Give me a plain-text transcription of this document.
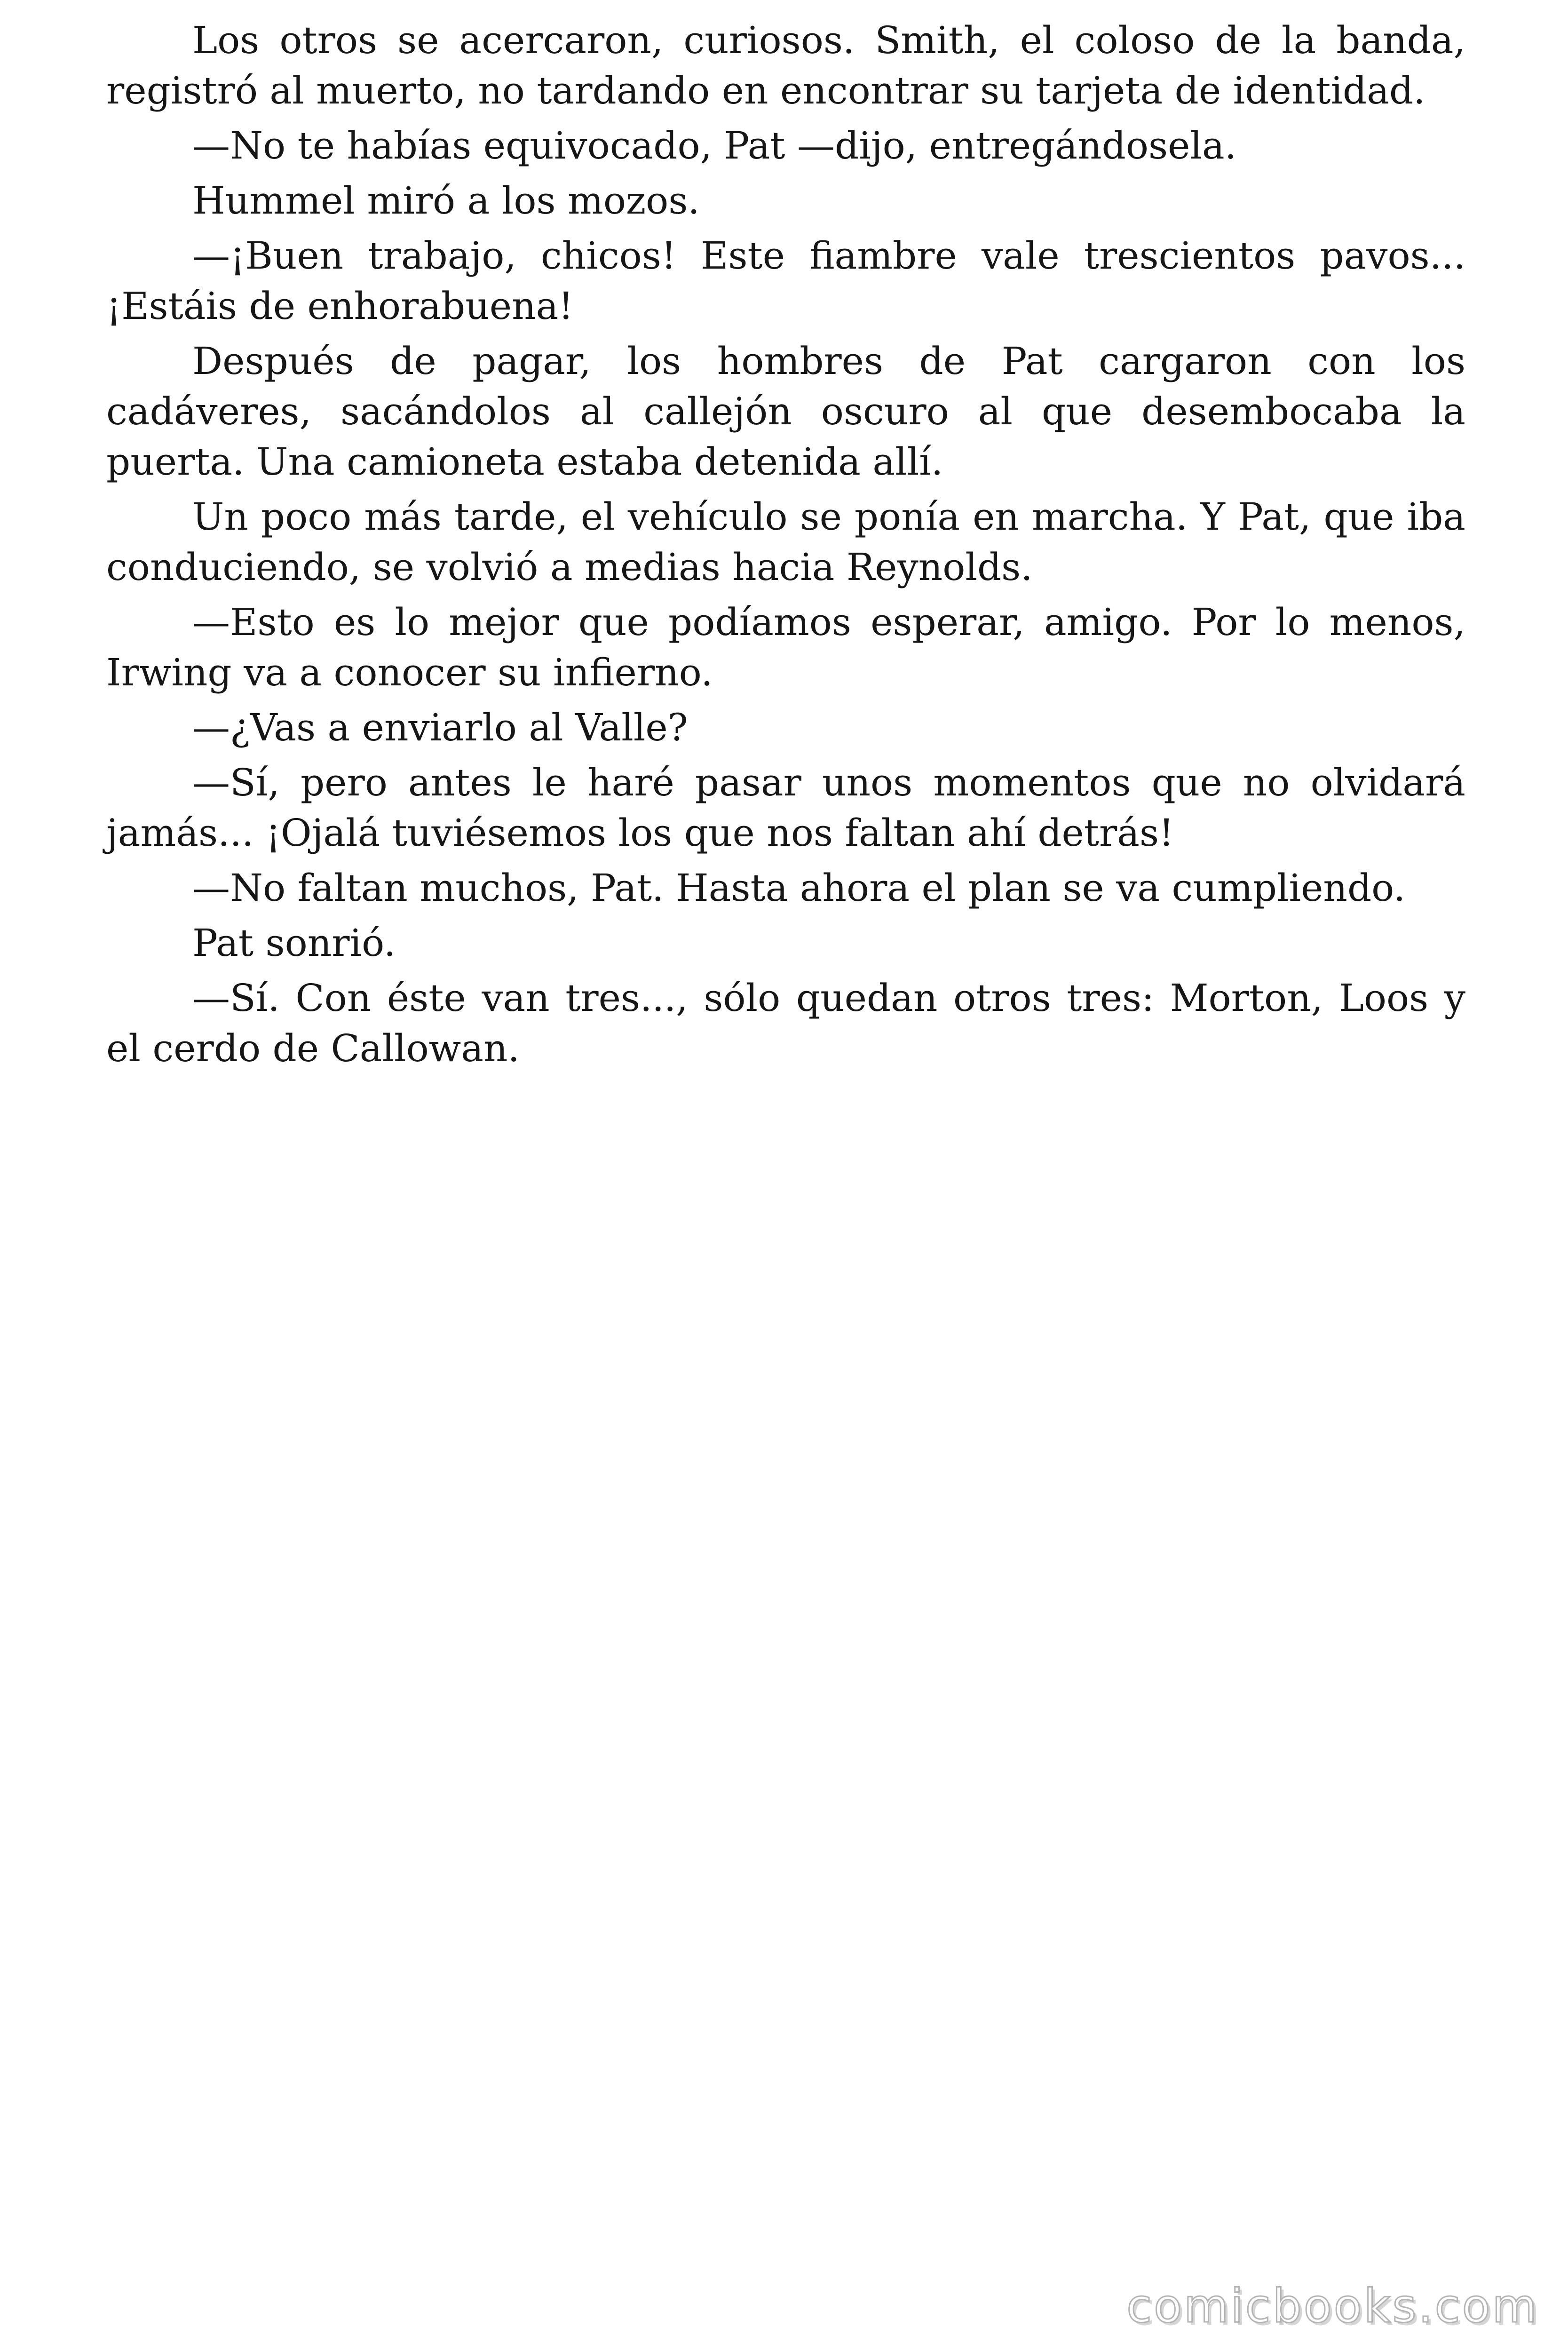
Los otros se acercaron, curiosos. Smith, el coloso de la banda, registró al muerto, no tardando en encontrar su tarjeta de identidad.

—No te habías equivocado, Pat —dijo, entregándosela.

Hummel miró a los mozos.

—¡Buen trabajo, chicos! Este fiambre vale trescientos pavos... ¡Estáis de enhorabuena!

Después de pagar, los hombres de Pat cargaron con los cadáveres, sacándolos al callejón oscuro al que desembocaba la puerta. Una camioneta estaba detenida allí.

Un poco más tarde, el vehículo se ponía en marcha. Y Pat, que iba conduciendo, se volvió a medias hacia Reynolds.

—Esto es lo mejor que podíamos esperar, amigo. Por lo menos, Irwing va a conocer su infierno.

—¿Vas a enviarlo al Valle?

—Sí, pero antes le haré pasar unos momentos que no olvidará jamás... ¡Ojalá tuviésemos los que nos faltan ahí detrás!

—No faltan muchos, Pat. Hasta ahora el plan se va cumpliendo.

Pat sonrió.

—Sí. Con éste van tres..., sólo quedan otros tres: Morton, Loos y el cerdo de Callowan.

comicbooks.com
